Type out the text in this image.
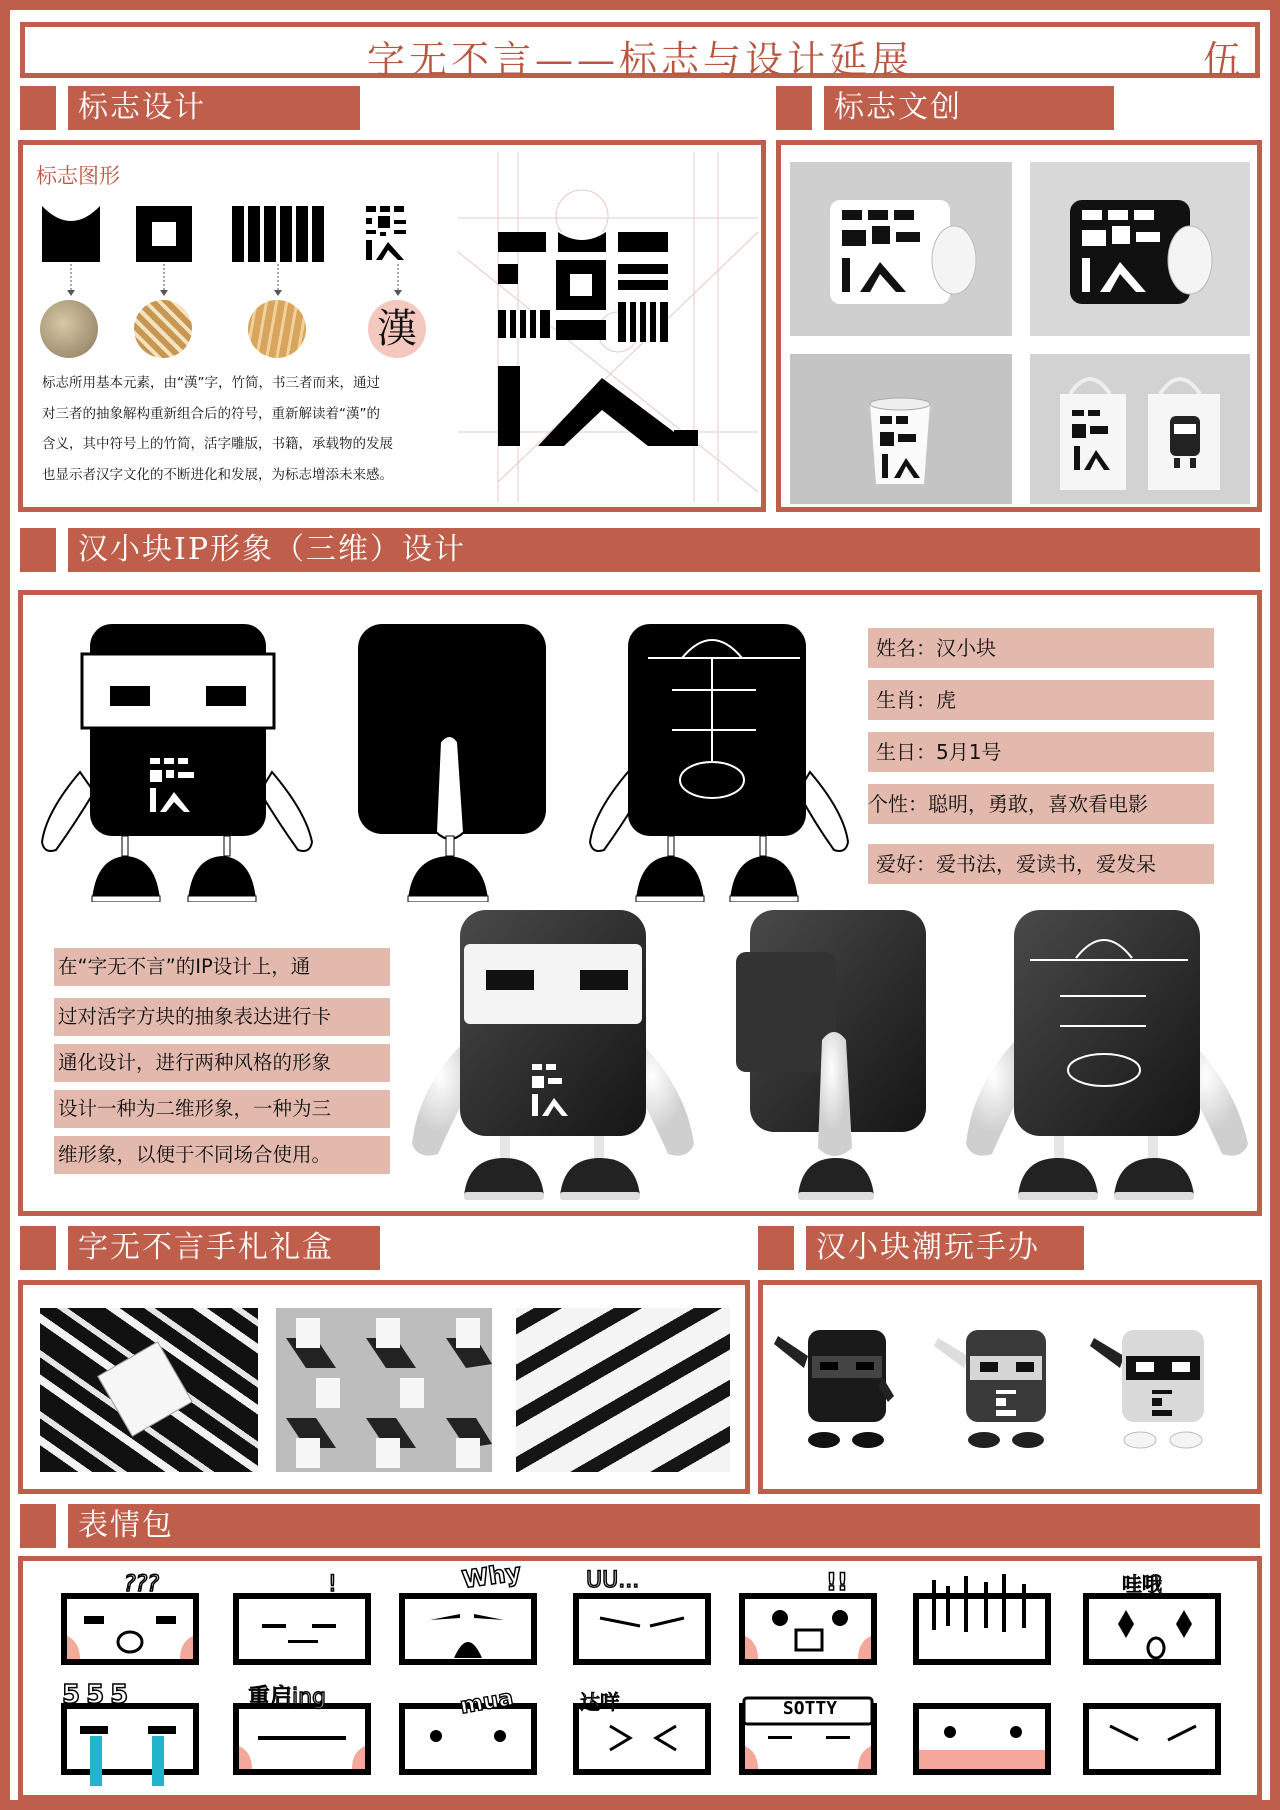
字无不言——标志与设计延展	伍
标志设计	标志文创
标志图形
漢
标志所用基本元素，由“漢”字，竹简，书三者而来，通过
对三者的抽象解构重新组合后的符号，重新解读着“漢”的
含义，其中符号上的竹简，活字雕版，书籍，承载物的发展
也显示者汉字文化的不断进化和发展，为标志增添未来感。
汉小块IP形象（三维）设计
姓名：汉小块
生肖：虎
生日：5月1号
个性：聪明，勇敢，喜欢看电影
爱好：爱书法，爱读书，爱发呆
在“字无不言”的IP设计上，通
过对活字方块的抽象表达进行卡
通化设计，进行两种风格的形象
设计一种为二维形象，一种为三
维形象，以便于不同场合使用。
字无不言手札礼盒	汉小块潮玩手办
表情包
???	!	Why	UU...	!!	哇哦
555	重启ing	mua	达咩	SOTTY
